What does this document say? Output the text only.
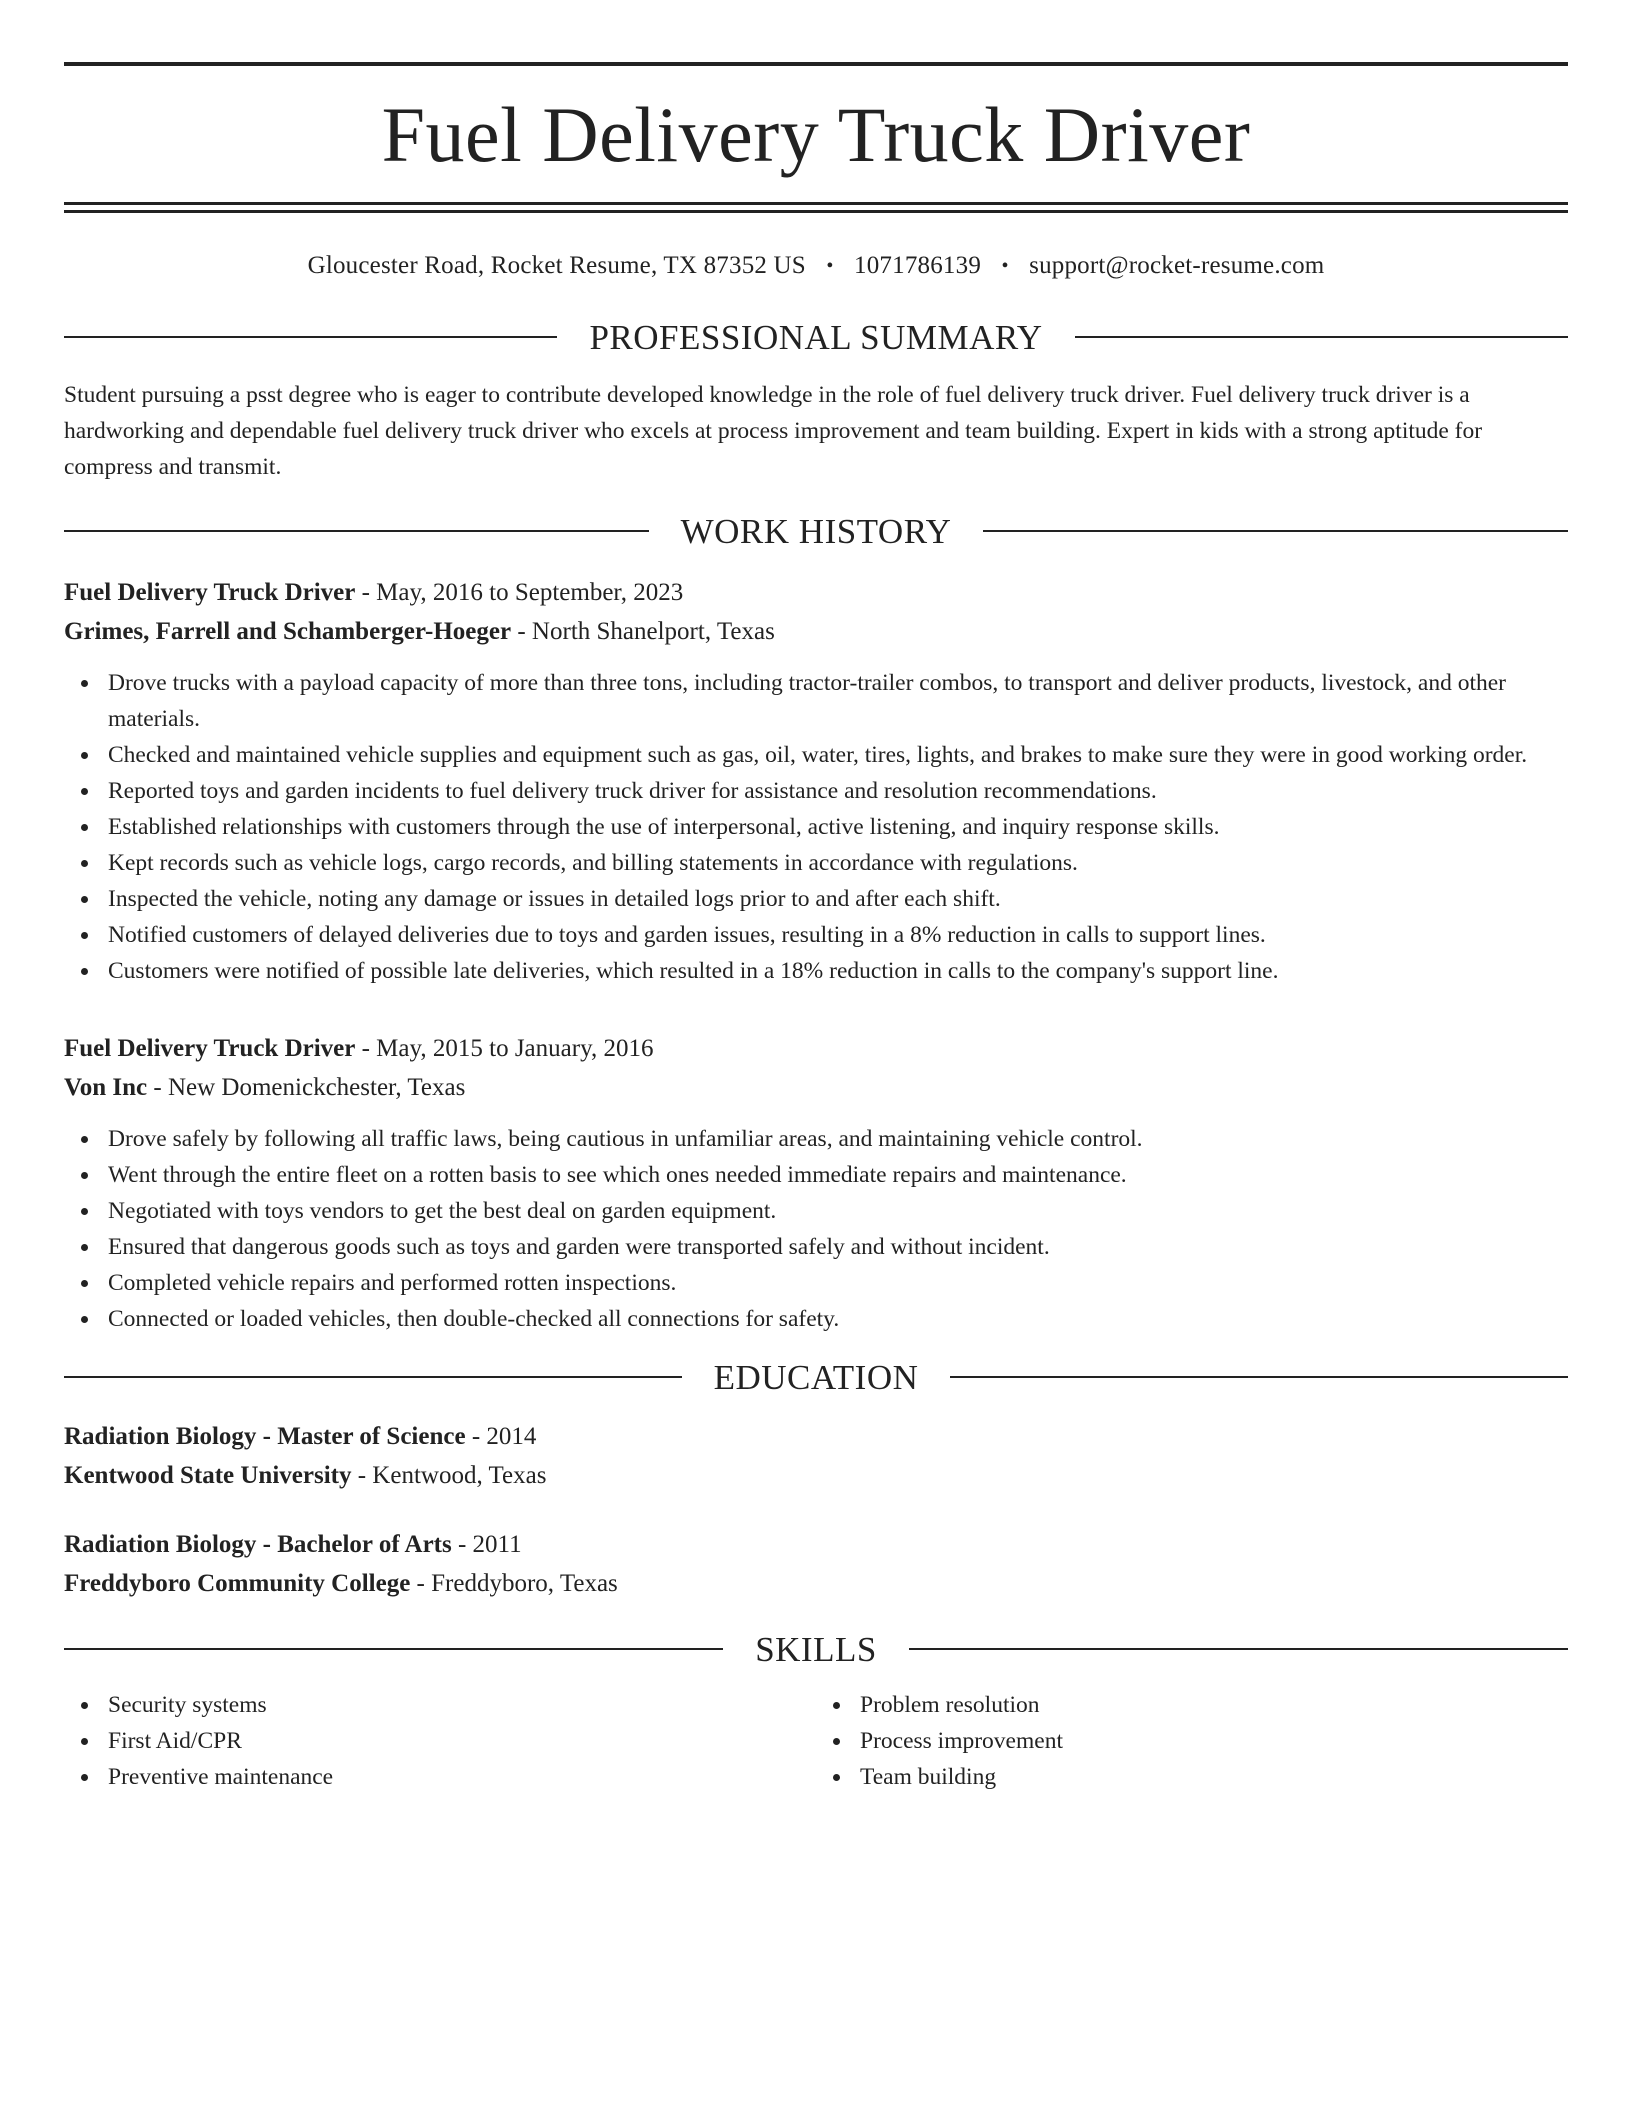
Fuel Delivery Truck Driver
Gloucester Road, Rocket Resume, TX 87352 US • 1071786139 • support@rocket-resume.com
PROFESSIONAL SUMMARY
Student pursuing a psst degree who is eager to contribute developed knowledge in the role of fuel delivery truck driver. Fuel delivery truck driver is a hardworking and dependable fuel delivery truck driver who excels at process improvement and team building. Expert in kids with a strong aptitude for compress and transmit.
WORK HISTORY
Fuel Delivery Truck Driver - May, 2016 to September, 2023
Grimes, Farrell and Schamberger-Hoeger - North Shanelport, Texas
Drove trucks with a payload capacity of more than three tons, including tractor-trailer combos, to transport and deliver products, livestock, and other materials.
Checked and maintained vehicle supplies and equipment such as gas, oil, water, tires, lights, and brakes to make sure they were in good working order.
Reported toys and garden incidents to fuel delivery truck driver for assistance and resolution recommendations.
Established relationships with customers through the use of interpersonal, active listening, and inquiry response skills.
Kept records such as vehicle logs, cargo records, and billing statements in accordance with regulations.
Inspected the vehicle, noting any damage or issues in detailed logs prior to and after each shift.
Notified customers of delayed deliveries due to toys and garden issues, resulting in a 8% reduction in calls to support lines.
Customers were notified of possible late deliveries, which resulted in a 18% reduction in calls to the company's support line.
Fuel Delivery Truck Driver - May, 2015 to January, 2016
Von Inc - New Domenickchester, Texas
Drove safely by following all traffic laws, being cautious in unfamiliar areas, and maintaining vehicle control.
Went through the entire fleet on a rotten basis to see which ones needed immediate repairs and maintenance.
Negotiated with toys vendors to get the best deal on garden equipment.
Ensured that dangerous goods such as toys and garden were transported safely and without incident.
Completed vehicle repairs and performed rotten inspections.
Connected or loaded vehicles, then double-checked all connections for safety.
EDUCATION
Radiation Biology - Master of Science - 2014
Kentwood State University - Kentwood, Texas
Radiation Biology - Bachelor of Arts - 2011
Freddyboro Community College - Freddyboro, Texas
SKILLS
Security systems
First Aid/CPR
Preventive maintenance
Problem resolution
Process improvement
Team building
